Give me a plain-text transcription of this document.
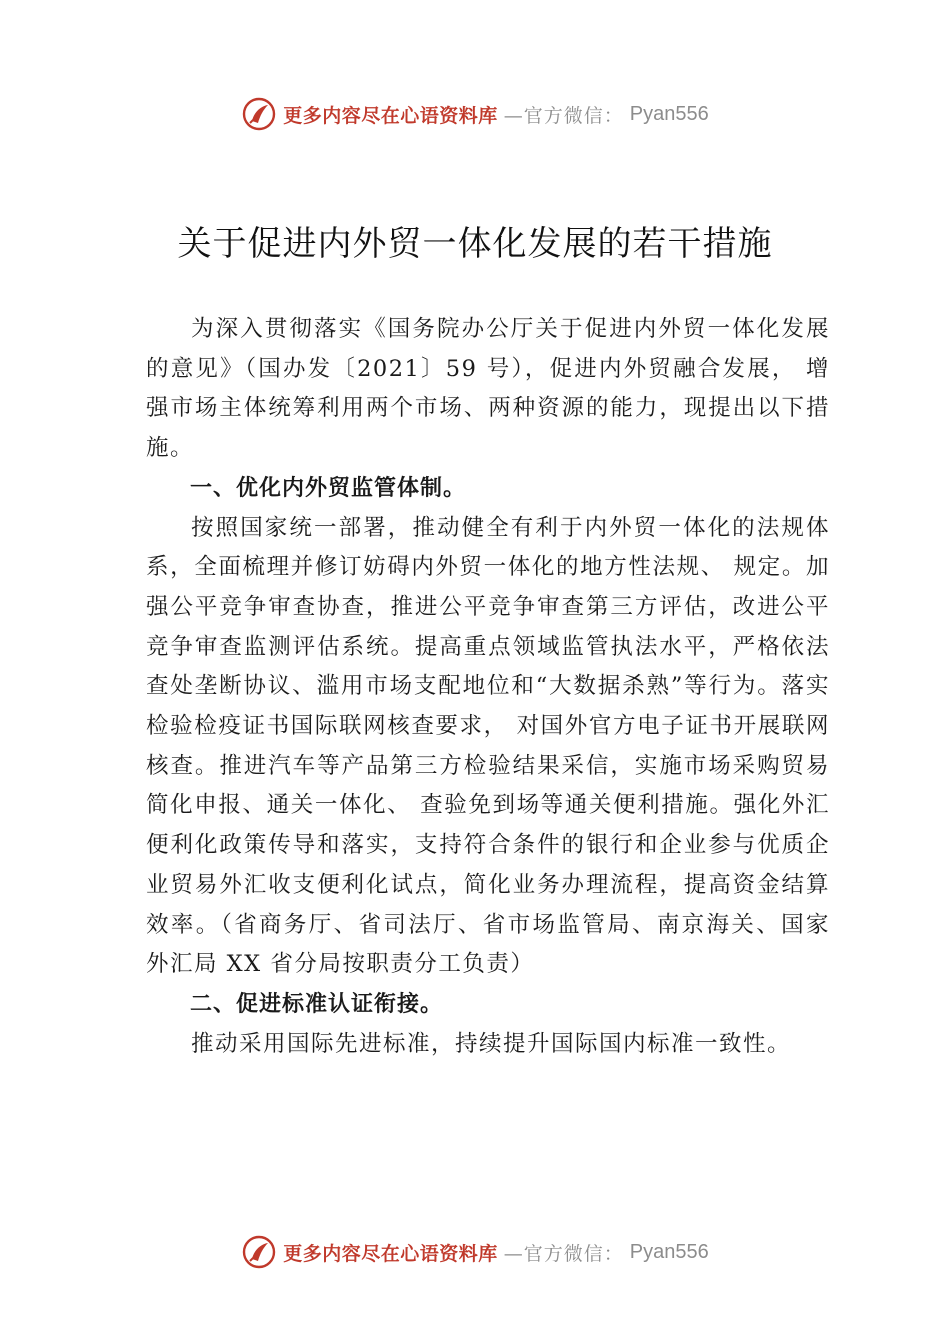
更多内容尽在心语资料库 —官方微信： Pyan556
关于促进内外贸一体化发展的若干措施

为深入贯彻落实《国务院办公厅关于促进内外贸一体化发展的意见》（国办发〔2021〕59 号），促进内外贸融合发展， 增强市场主体统筹利用两个市场、两种资源的能力，现提出以下措施。

一、优化内外贸监管体制。

按照国家统一部署，推动健全有利于内外贸一体化的法规体系，全面梳理并修订妨碍内外贸一体化的地方性法规、 规定。加强公平竞争审查协查，推进公平竞争审查第三方评估，改进公平竞争审查监测评估系统。提高重点领域监管执法水平，严格依法查处垄断协议、滥用市场支配地位和“大数据杀熟”等行为。落实检验检疫证书国际联网核查要求， 对国外官方电子证书开展联网核查。推进汽车等产品第三方检验结果采信，实施市场采购贸易简化申报、通关一体化、 查验免到场等通关便利措施。强化外汇便利化政策传导和落实，支持符合条件的银行和企业参与优质企业贸易外汇收支便利化试点，简化业务办理流程，提高资金结算效率。（省商务厅、省司法厅、省市场监管局、南京海关、国家外汇局 XX 省分局按职责分工负责）

二、促进标准认证衔接。

推动采用国际先进标准，持续提升国际国内标准一致性。

更多内容尽在心语资料库 —官方微信： Pyan556
